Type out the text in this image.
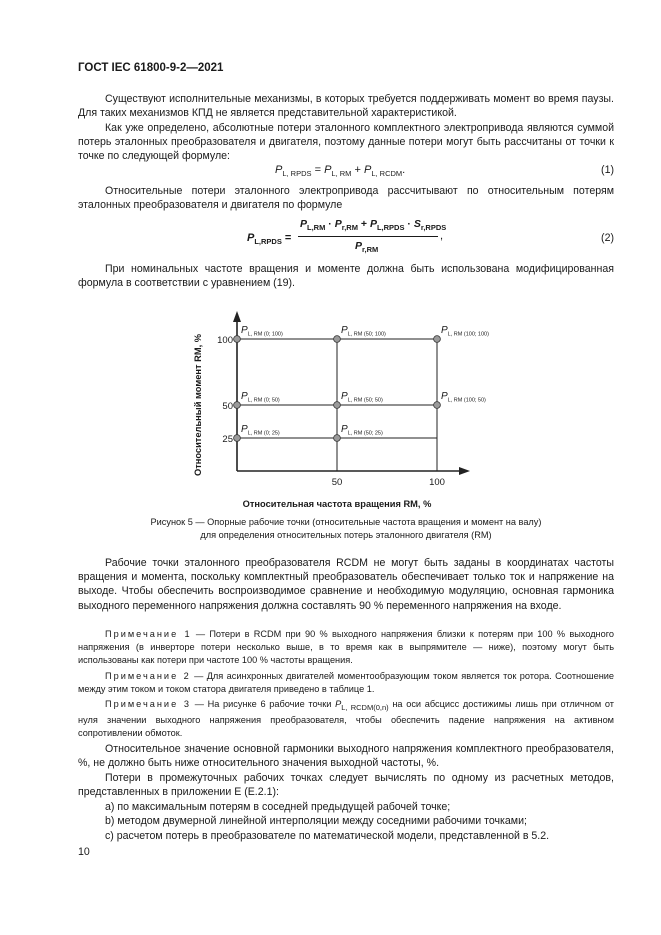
ГОСТ IEC 61800-9-2—2021
Существуют исполнительные механизмы, в которых требуется поддерживать момент во время паузы. Для таких механизмов КПД не является представительной характеристикой.
Как уже определено, абсолютные потери эталонного комплектного электропривода являются суммой потерь эталонных преобразователя и двигателя, поэтому данные потери могут быть рассчитаны от точки к точке по следующей формуле:
$P_{L, RPDS} = P_{L, RM} + P_{L, RCDM}$.	(1)
Относительные потери эталонного электропривода рассчитывают по относительным потерям эталонных преобразователя и двигателя по формуле
$P_{L,RPDS}$ =
$P_{L,RM} \cdot P_{r,RM} + P_{L,RPDS} \cdot S_{r,RPDS}$
$P_{r,RM}$
,	(2)
При номинальных частоте вращения и моменте должна быть использована модифицированная формула в соответствии с уравнением (19).
100
50
25
50	100
Относительная частота вращения RM, %
Относительный момент RM, %
$P_{L, RM (0; 100)}$	$P_{L, RM (50; 100)}$	$P_{L, RM (100; 100)}$
$P_{L, RM (0; 50)}$	$P_{L, RM (50; 50)}$	$P_{L, RM (100; 50)}$
$P_{L, RM (0; 25)}$	$P_{L, RM (50; 25)}$
Рисунок 5 — Опорные рабочие точки (относительные частота вращения и момент на валу)
для определения относительных потерь эталонного двигателя (RM)
Рабочие точки эталонного преобразователя RCDM не могут быть заданы в координатах частоты вращения и момента, поскольку комплектный преобразователь обеспечивает только ток и напряжение на выходе. Чтобы обеспечить воспроизводимое сравнение и необходимую модуляцию, основная гармоника выходного переменного напряжения должна составлять 90 % переменного напряжения на входе.
Примечание 1 — Потери в RCDM при 90 % выходного напряжения близки к потерям при 100 % выходного напряжения (в инверторе потери несколько выше, в то время как в выпрямителе — ниже), поэтому могут быть использованы как потери при частоте 100 % частоты вращения.
Примечание 2 — Для асинхронных двигателей моментообразующим током является ток ротора. Соотношение между этим током и током статора двигателя приведено в таблице 1.
Примечание 3 — На рисунке 6 рабочие точки $P_{L, RCDM(0,n)}$ на оси абсцисс достижимы лишь при отличном от нуля значении выходного напряжения преобразователя, чтобы обеспечить падение напряжения на активном сопротивлении обмоток.
Относительное значение основной гармоники выходного напряжения комплектного преобразователя, %, не должно быть ниже относительного значения выходной частоты, %.
Потери в промежуточных рабочих точках следует вычислять по одному из расчетных методов, представленных в приложении Е (Е.2.1):
a) по максимальным потерям в соседней предыдущей рабочей точке;
b) методом двумерной линейной интерполяции между соседними рабочими точками;
c) расчетом потерь в преобразователе по математической модели, представленной в 5.2.
10
